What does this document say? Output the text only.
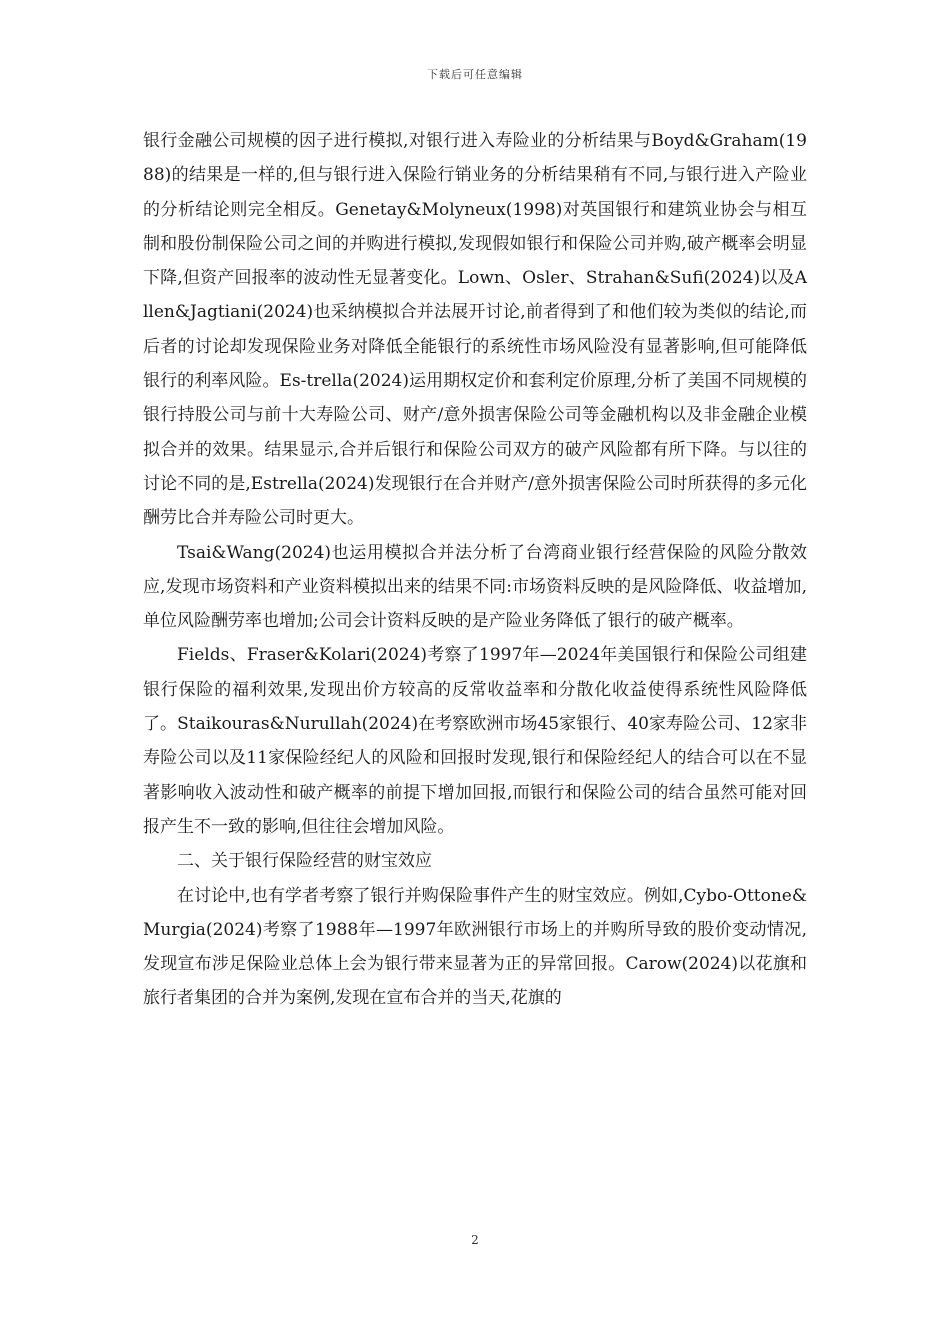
下载后可任意编辑

银行金融公司规模的因子进行模拟,对银行进入寿险业的分析结果与Boyd&Graham(1988)的结果是一样的,但与银行进入保险行销业务的分析结果稍有不同,与银行进入产险业的分析结论则完全相反。Genetay&Molyneux(1998)对英国银行和建筑业协会与相互制和股份制保险公司之间的并购进行模拟,发现假如银行和保险公司并购,破产概率会明显下降,但资产回报率的波动性无显著变化。Lown、Osler、Strahan&Sufi(2024)以及Allen&Jagtiani(2024)也采纳模拟合并法展开讨论,前者得到了和他们较为类似的结论,而后者的讨论却发现保险业务对降低全能银行的系统性市场风险没有显著影响,但可能降低银行的利率风险。Es-trella(2024)运用期权定价和套利定价原理,分析了美国不同规模的银行持股公司与前十大寿险公司、财产/意外损害保险公司等金融机构以及非金融企业模拟合并的效果。结果显示,合并后银行和保险公司双方的破产风险都有所下降。与以往的讨论不同的是,Estrella(2024)发现银行在合并财产/意外损害保险公司时所获得的多元化酬劳比合并寿险公司时更大。

Tsai&Wang(2024)也运用模拟合并法分析了台湾商业银行经营保险的风险分散效应,发现市场资料和产业资料模拟出来的结果不同:市场资料反映的是风险降低、收益增加,单位风险酬劳率也增加;公司会计资料反映的是产险业务降低了银行的破产概率。

Fields、Fraser&Kolari(2024)考察了1997年—2024年美国银行和保险公司组建银行保险的福利效果,发现出价方较高的反常收益率和分散化收益使得系统性风险降低了。Staikouras&Nurullah(2024)在考察欧洲市场45家银行、40家寿险公司、12家非寿险公司以及11家保险经纪人的风险和回报时发现,银行和保险经纪人的结合可以在不显著影响收入波动性和破产概率的前提下增加回报,而银行和保险公司的结合虽然可能对回报产生不一致的影响,但往往会增加风险。

二、关于银行保险经营的财宝效应

在讨论中,也有学者考察了银行并购保险事件产生的财宝效应。例如,Cybo-Ottone&Murgia(2024)考察了1988年—1997年欧洲银行市场上的并购所导致的股价变动情况,发现宣布涉足保险业总体上会为银行带来显著为正的异常回报。Carow(2024)以花旗和旅行者集团的合并为案例,发现在宣布合并的当天,花旗的

2
